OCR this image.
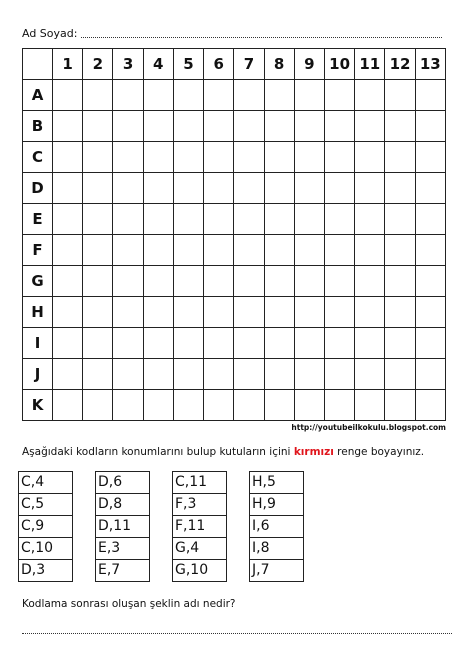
Ad Soyad:
	1	2	3	4	5	6	7	8	9	10	11	12	13
A													
B													
C													
D													
E													
F													
G													
H													
I													
J													
K													
http://youtubeilkokulu.blogspot.com
Aşağıdaki kodların konumlarını bulup kutuların içini kırmızı renge boyayınız.
C,4
C,5
C,9
C,10
D,3
D,6
D,8
D,11
E,3
E,7
C,11
F,3
F,11
G,4
G,10
H,5
H,9
I,6
I,8
J,7
Kodlama sonrası oluşan şeklin adı nedir?
